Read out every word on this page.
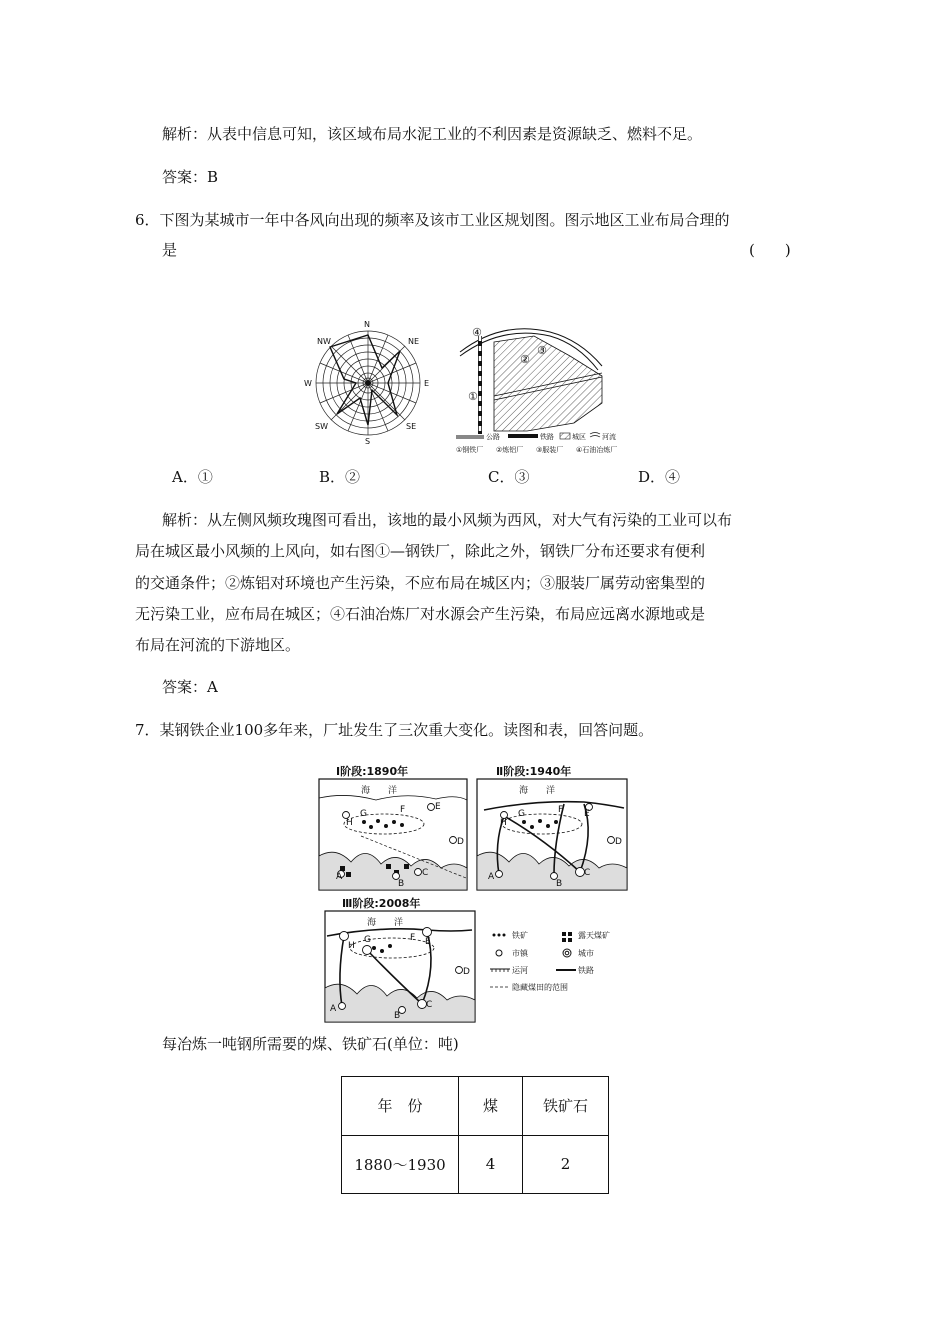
解析：从表中信息可知，该区域布局水泥工业的不利因素是资源缺乏、燃料不足。
答案：B
6．下图为某城市一年中各风向出现的频率及该市工业区规划图。图示地区工业布局合理的
是	(　　)
N
NE
E
SE
S
SW
W
NW
④
②
③
①
公路	铁路	城区 河流
①钢铁厂 ②炼铝厂 ③服装厂 ④石油冶炼厂
A．①	B．②	C．③	D．④
解析：从左侧风频玫瑰图可看出，该地的最小风频为西风，对大气有污染的工业可以布
局在城区最小风频的上风向，如右图①—钢铁厂，除此之外，钢铁厂分布还要求有便利
的交通条件；②炼铝对环境也产生污染，不应布局在城区内；③服装厂属劳动密集型的
无污染工业，应布局在城区；④石油冶炼厂对水源会产生污染，布局应远离水源地或是
布局在河流的下游地区。
答案：A
7．某钢铁企业100多年来，厂址发生了三次重大变化。读图和表，回答问题。
Ⅰ阶段:1890年
海　　洋
A
B
C
D
E
F
G
H
Ⅱ阶段:1940年
海　　洋
A
B
C
D
E
F
G
H
Ⅲ阶段:2008年
海　　洋
A
B
C
D
E
F
G
H
铁矿	露天煤矿
市镇	城市
运河	铁路
隐藏煤田的范围
每冶炼一吨钢所需要的煤、铁矿石(单位：吨)
年　份	煤	铁矿石
1880～1930	4	2
